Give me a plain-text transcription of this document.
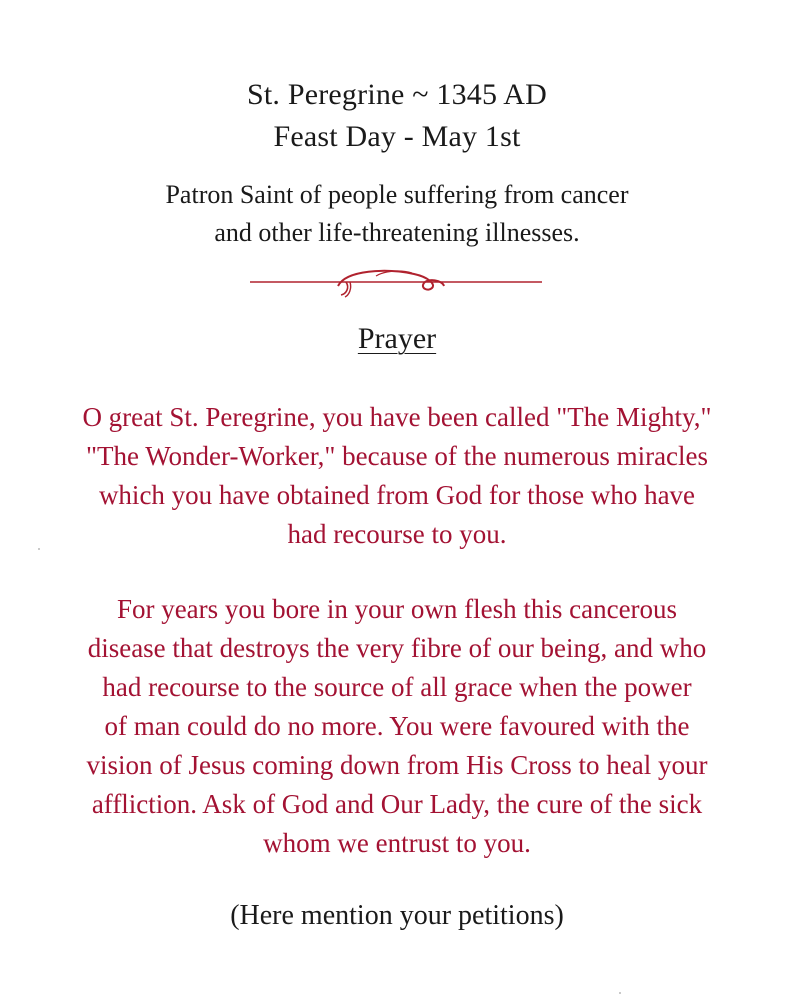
St. Peregrine ~ 1345 AD

Feast Day - May 1st

Patron Saint of people suffering from cancer

and other life-threatening illnesses.

Prayer

O great St. Peregrine, you have been called "The Mighty,"

"The Wonder-Worker," because of the numerous miracles

which you have obtained from God for those who have

had recourse to you.

For years you bore in your own flesh this cancerous

disease that destroys the very fibre of our being, and who

had recourse to the source of all grace when the power

of man could do no more. You were favoured with the

vision of Jesus coming down from His Cross to heal your

affliction. Ask of God and Our Lady, the cure of the sick

whom we entrust to you.

(Here mention your petitions)
